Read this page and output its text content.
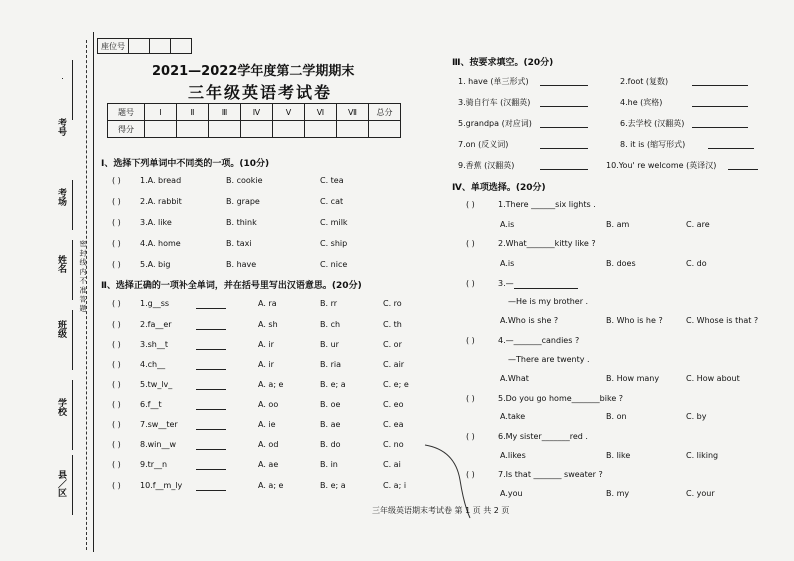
考号
考场
姓名
班级
学校
县／区
密 封 线 内 不 准 答 题
座位号			
2021—2022学年度第二学期期末
三年级英语考试卷
题号	Ⅰ	Ⅱ	Ⅲ	Ⅳ	Ⅴ	Ⅵ	Ⅶ	总分
得分								
Ⅰ、选择下列单词中不同类的一项。(10分)
( ) 1.A. bread	B. cookie	C. tea
( ) 2.A. rabbit	B. grape	C. cat
( ) 3.A. like	B. think	C. milk
( ) 4.A. home	B. taxi	C. ship
( ) 5.A. big	B. have	C. nice
Ⅱ、选择正确的一项补全单词，并在括号里写出汉语意思。(20分)
( ) 1.g__ss	A. ra	B. rr	C. ro
( ) 2.fa__er	A. sh	B. ch	C. th
( ) 3.sh__t	A. ir	B. ur	C. or
( ) 4.ch__	A. ir	B. ria	C. air
( ) 5.tw_lv_	A. a; e	B. e; a	C. e; e
( ) 6.f__t	A. oo	B. oe	C. eo
( ) 7.sw__ter	A. ie	B. ae	C. ea
( ) 8.win__w	A. od	B. do	C. no
( ) 9.tr__n	A. ae	B. in	C. ai
( ) 10.f__m_ly	A. a; e	B. e; a	C. a; i
Ⅲ、按要求填空。(20分)
1. have (单三形式)	2.foot (复数)
3.骑自行车 (汉翻英)	4.he (宾格)
5.grandpa (对应词)	6.去学校 (汉翻英)
7.on (反义词)	8. it is (缩写形式)
9.香蕉 (汉翻英)	10.You' re welcome (英译汉)
Ⅳ、单项选择。(20分)
( )	1.There ______six lights .
A.is	B. am	C. are
( )	2.What_______kitty like ?
A.is	B. does	C. do
( )	3.—
—He is my brother .
A.Who is she ?	B. Who is he ?	C. Whose is that ?
( )	4.—_______candies ?
—There are twenty .
A.What	B. How many	C. How about
( )	5.Do you go home_______bike ?
A.take	B. on	C. by
( )	6.My sister_______red .
A.likes	B. like	C. liking
( )	7.Is that _______ sweater ?
A.you	B. my	C. your
三年级英语期末考试卷 第 1 页 共 2 页
